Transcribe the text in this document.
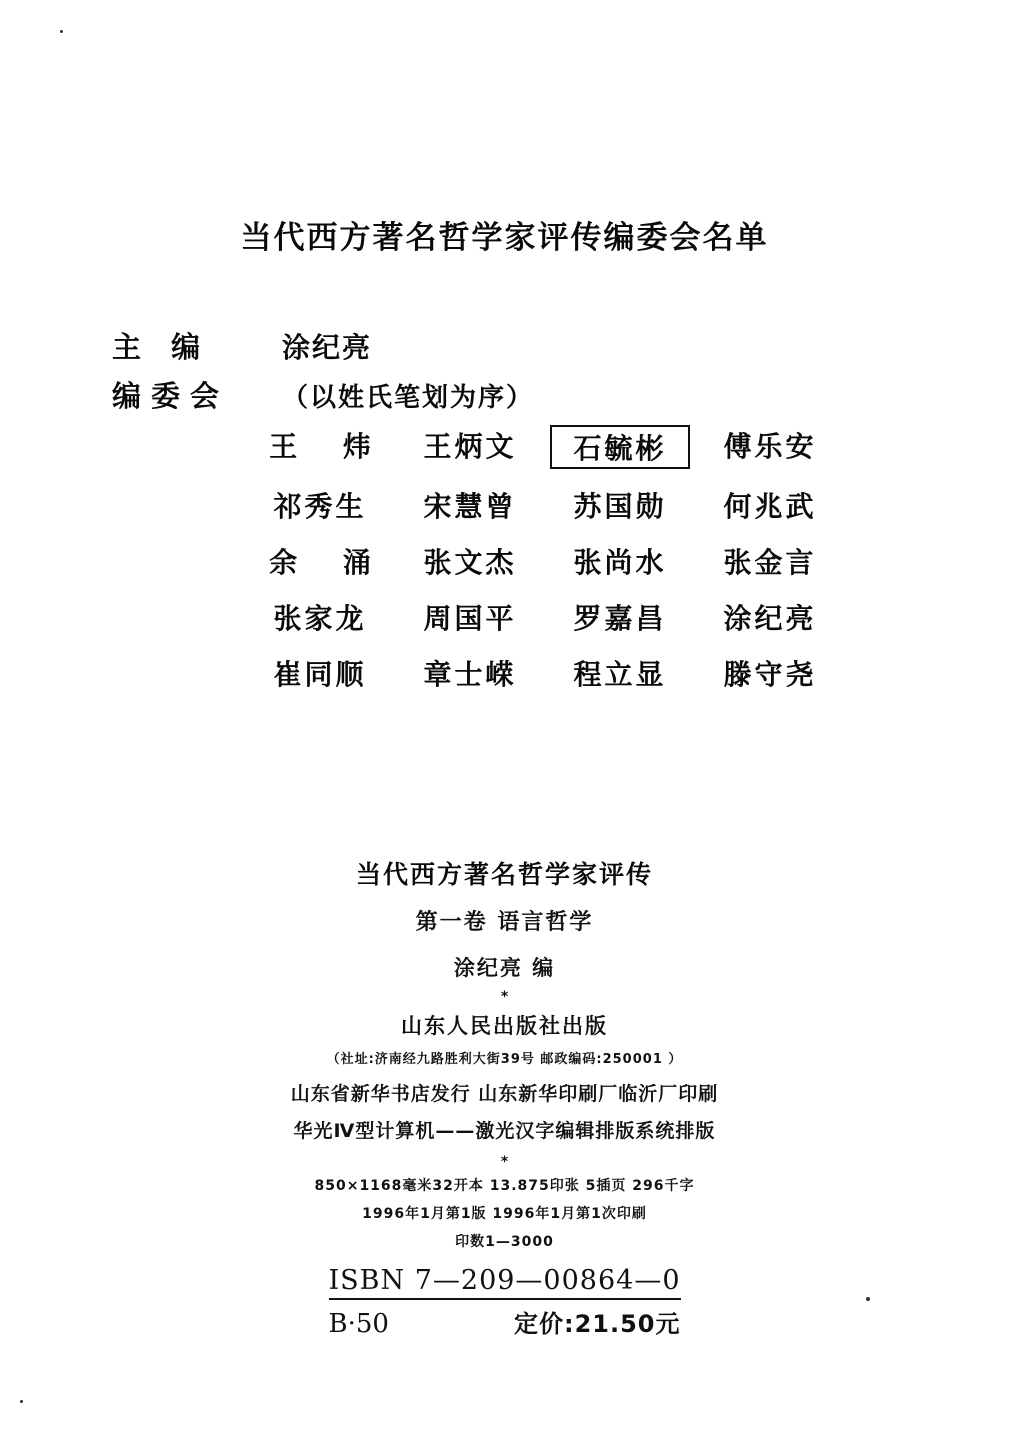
当代西方著名哲学家评传编委会名单
主 编	涂纪亮
编委会	（以姓氏笔划为序）
王 炜	王炳文	石毓彬	傅乐安
祁秀生	宋慧曾	苏国勋	何兆武
余 涌	张文杰	张尚水	张金言
张家龙	周国平	罗嘉昌	涂纪亮
崔同顺	章士嵘	程立显	滕守尧
当代西方著名哲学家评传
第一卷 语言哲学
涂纪亮 编
*
山东人民出版社出版
（社址:济南经九路胜利大街39号 邮政编码:250001 ）
山东省新华书店发行 山东新华印刷厂临沂厂印刷
华光Ⅳ型计算机——激光汉字编辑排版系统排版
*
850×1168毫米32开本 13.875印张 5插页 296千字
1996年1月第1版 1996年1月第1次印刷
印数1—3000
ISBN 7—209—00864—0
B·50	定价:21.50元
